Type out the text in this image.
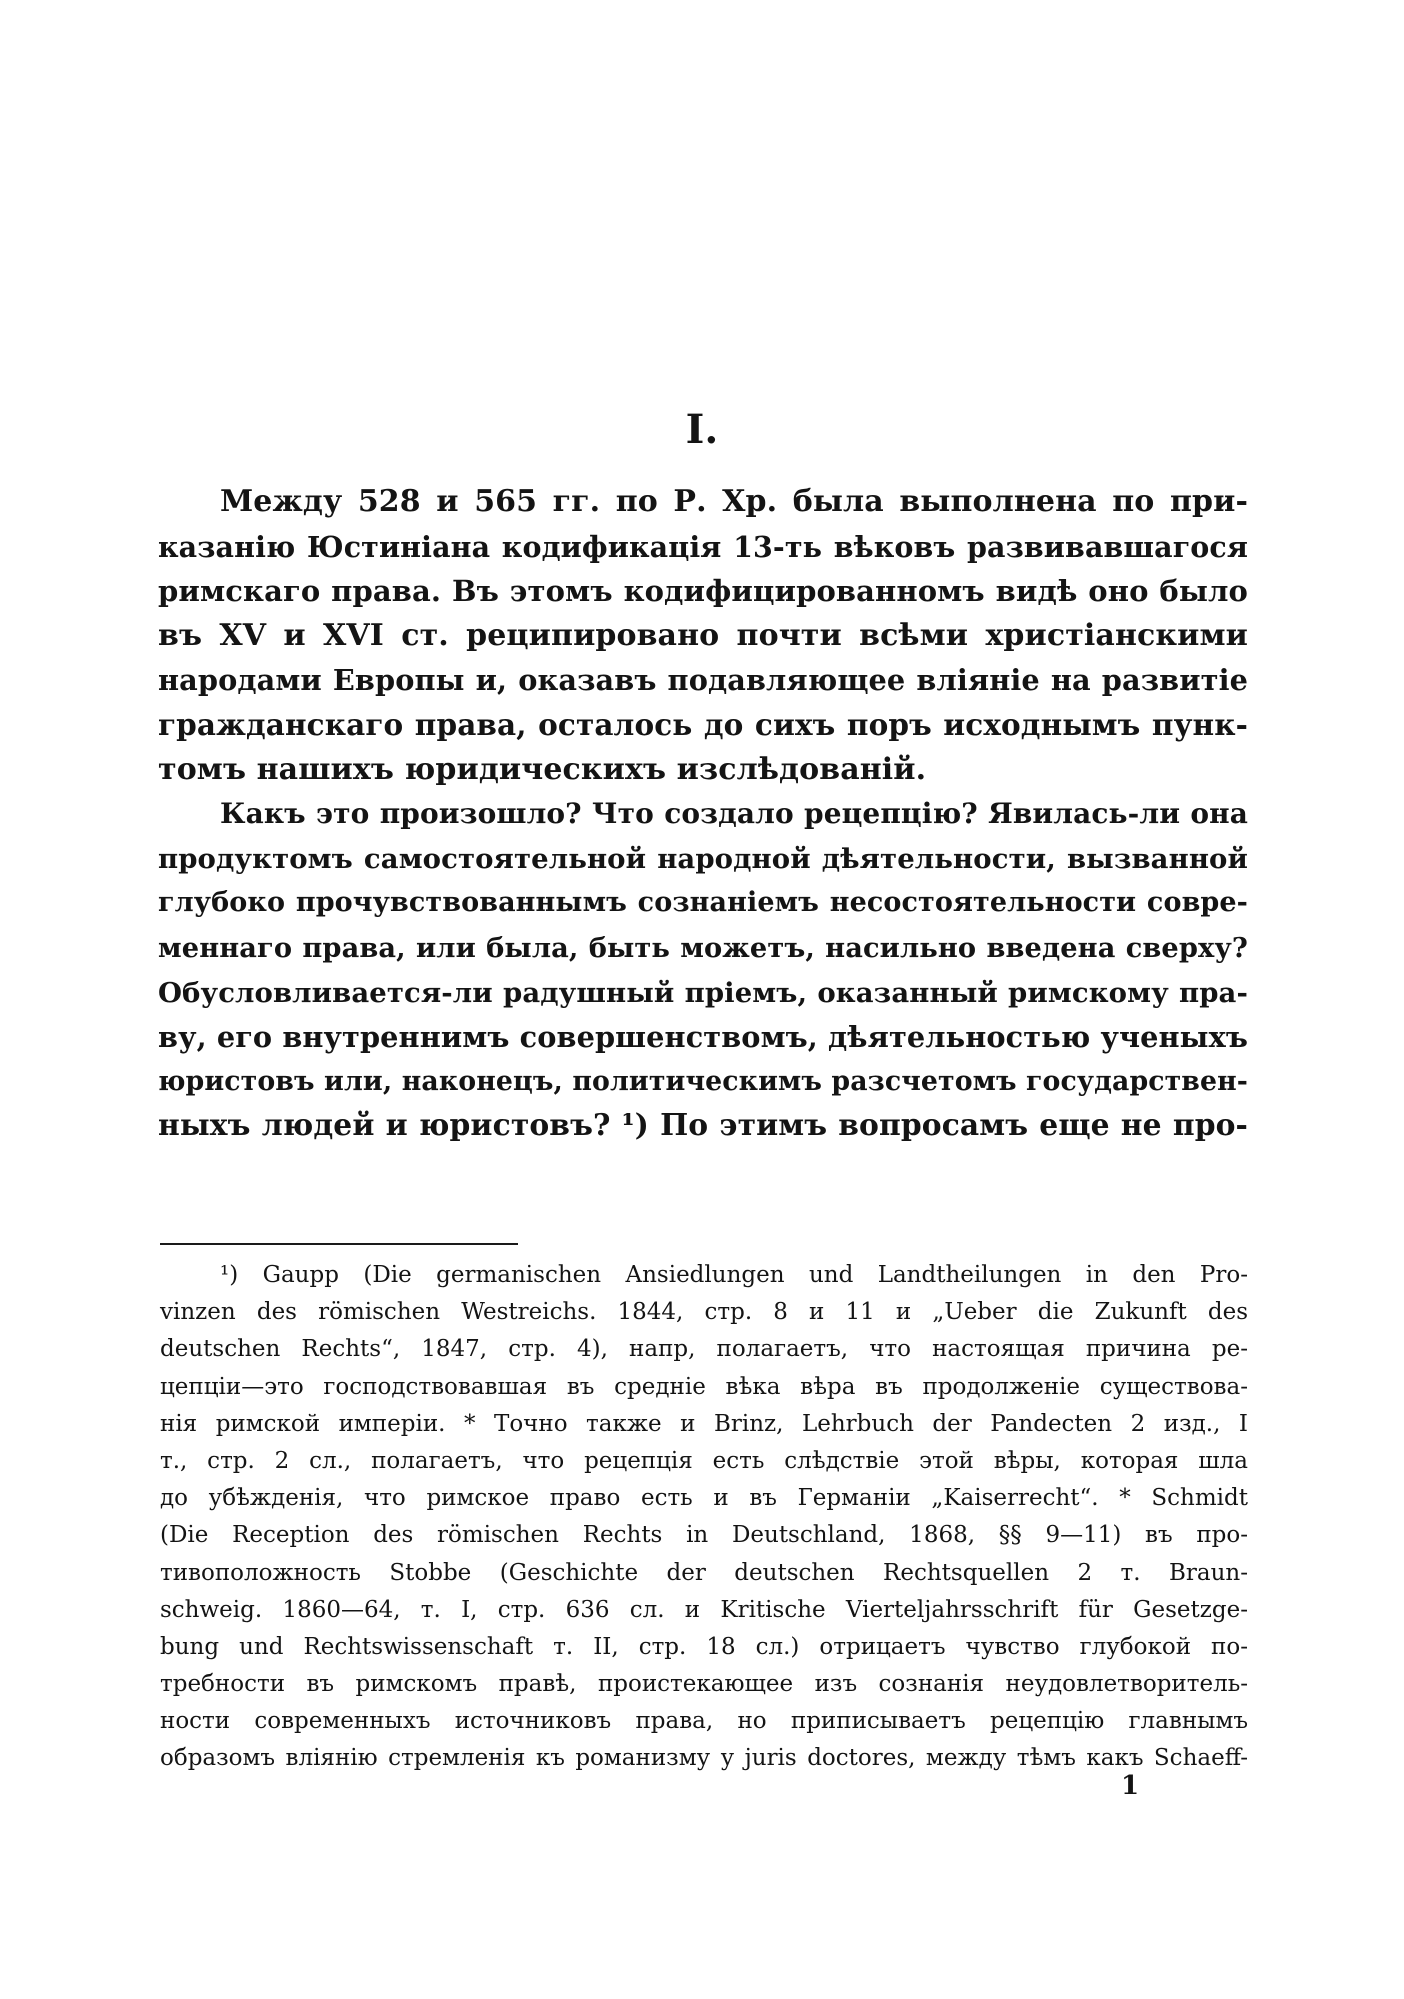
I.
Между 528 и 565 гг. по Р. Хр. была выполнена по при-
казанію Юстиніана кодификація 13-ть вѣковъ развивавшагося
римскаго права. Въ этомъ кодифицированномъ видѣ оно было
въ XV и XVI ст. реципировано почти всѣми христіанскими
народами Европы и, оказавъ подавляющее вліяніе на развитіе
гражданскаго права, осталось до сихъ поръ исходнымъ пунк-
томъ нашихъ юридическихъ изслѣдованій.
Какъ это произошло? Что создало рецепцію? Явилась-ли она
продуктомъ самостоятельной народной дѣятельности, вызванной
глубоко прочувствованнымъ сознаніемъ несостоятельности совре-
меннаго права, или была, быть можетъ, насильно введена сверху?
Обусловливается-ли радушный пріемъ, оказанный римскому пра-
ву, его внутреннимъ совершенствомъ, дѣятельностью ученыхъ
юристовъ или, наконецъ, политическимъ разсчетомъ государствен-
ныхъ людей и юристовъ? ¹) По этимъ вопросамъ еще не про-
¹) Gaupp (Die germanischen Ansiedlungen und Landtheilungen in den Pro-
vinzen des römischen Westreichs. 1844, стр. 8 и 11 и „Ueber die Zukunft des
deutschen Rechts“, 1847, стр. 4), напр, полагаетъ, что настоящая причина ре-
цепціи—это господствовавшая въ средніе вѣка вѣра въ продолженіе существова-
нія римской имперіи. * Точно также и Brinz, Lehrbuch der Pandecten 2 изд., I
т., стр. 2 сл., полагаетъ, что рецепція есть слѣдствіе этой вѣры, которая шла
до убѣжденія, что римское право есть и въ Германіи „Kaiserrecht“. * Schmidt
(Die Reception des römischen Rechts in Deutschland, 1868, §§ 9—11) въ про-
тивоположность Stobbe (Geschichte der deutschen Rechtsquellen 2 т. Braun-
schweig. 1860—64, т. I, стр. 636 сл. и Kritische Vierteljahrsschrift für Gesetzge-
bung und Rechtswissenschaft т. II, стр. 18 сл.) отрицаетъ чувство глубокой по-
требности въ римскомъ правѣ, проистекающее изъ сознанія неудовлетворитель-
ности современныхъ источниковъ права, но приписываетъ рецепцію главнымъ
образомъ вліянію стремленія къ романизму у juris doctores, между тѣмъ какъ Schaeff-
1
